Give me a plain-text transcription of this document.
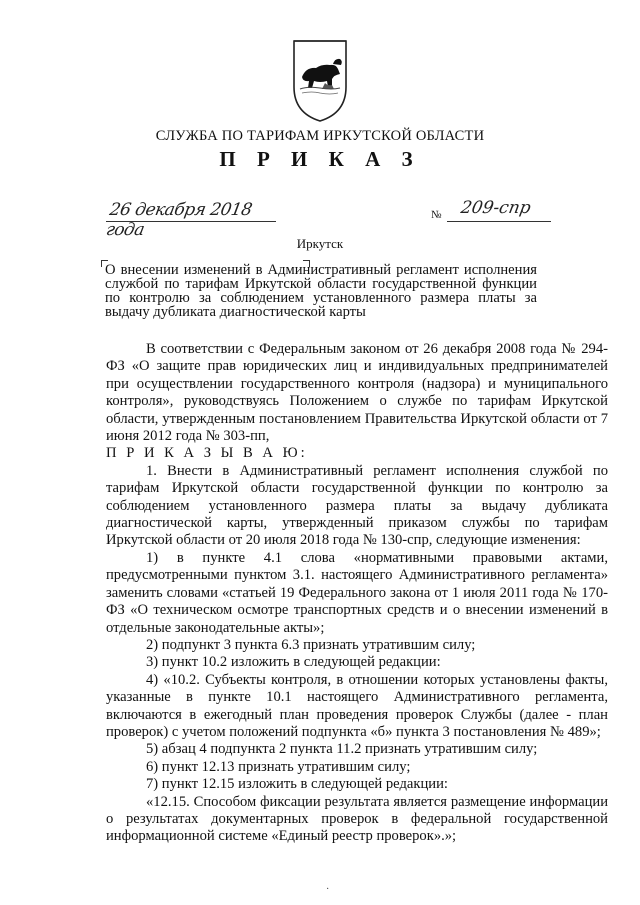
СЛУЖБА ПО ТАРИФАМ ИРКУТСКОЙ ОБЛАСТИ
П Р И К А З
26 декабря 2018 года
№ 209-спр
Иркутск
О внесении изменений в Административный регламент исполнения службой по тарифам Иркутской области государственной функции по контролю за соблюдением установленного размера платы за выдачу дубликата диагностической карты

В соответствии с Федеральным законом от 26 декабря 2008 года № 294-ФЗ «О защите прав юридических лиц и индивидуальных предпринимателей при осуществлении государственного контроля (надзора) и муниципального контроля», руководствуясь Положением о службе по тарифам Иркутской области, утвержденным постановлением Правительства Иркутской области от 7 июня 2012 года № 303-пп,

П Р И К А З Ы В А Ю:

1. Внести в Административный регламент исполнения службой по тарифам Иркутской области государственной функции по контролю за соблюдением установленного размера платы за выдачу дубликата диагностической карты, утвержденный приказом службы по тарифам Иркутской области от 20 июля 2018 года № 130-спр, следующие изменения:

1) в пункте 4.1 слова «нормативными правовыми актами, предусмотренными пунктом 3.1. настоящего Административного регламента» заменить словами «статьей 19 Федерального закона от 1 июля 2011 года № 170-ФЗ «О техническом осмотре транспортных средств и о внесении изменений в отдельные законодательные акты»;

2) подпункт 3 пункта 6.3 признать утратившим силу;

3) пункт 10.2 изложить в следующей редакции:

4) «10.2. Субъекты контроля, в отношении которых установлены факты, указанные в пункте 10.1 настоящего Административного регламента, включаются в ежегодный план проведения проверок Службы (далее - план проверок) с учетом положений подпункта «б» пункта 3 постановления № 489»;

5) абзац 4 подпункта 2 пункта 11.2 признать утратившим силу;

6) пункт 12.13 признать утратившим силу;

7) пункт 12.15 изложить в следующей редакции:

«12.15. Способом фиксации результата является размещение информации о результатах документарных проверок в федеральной государственной информационной системе «Единый реестр проверок».»;

·
